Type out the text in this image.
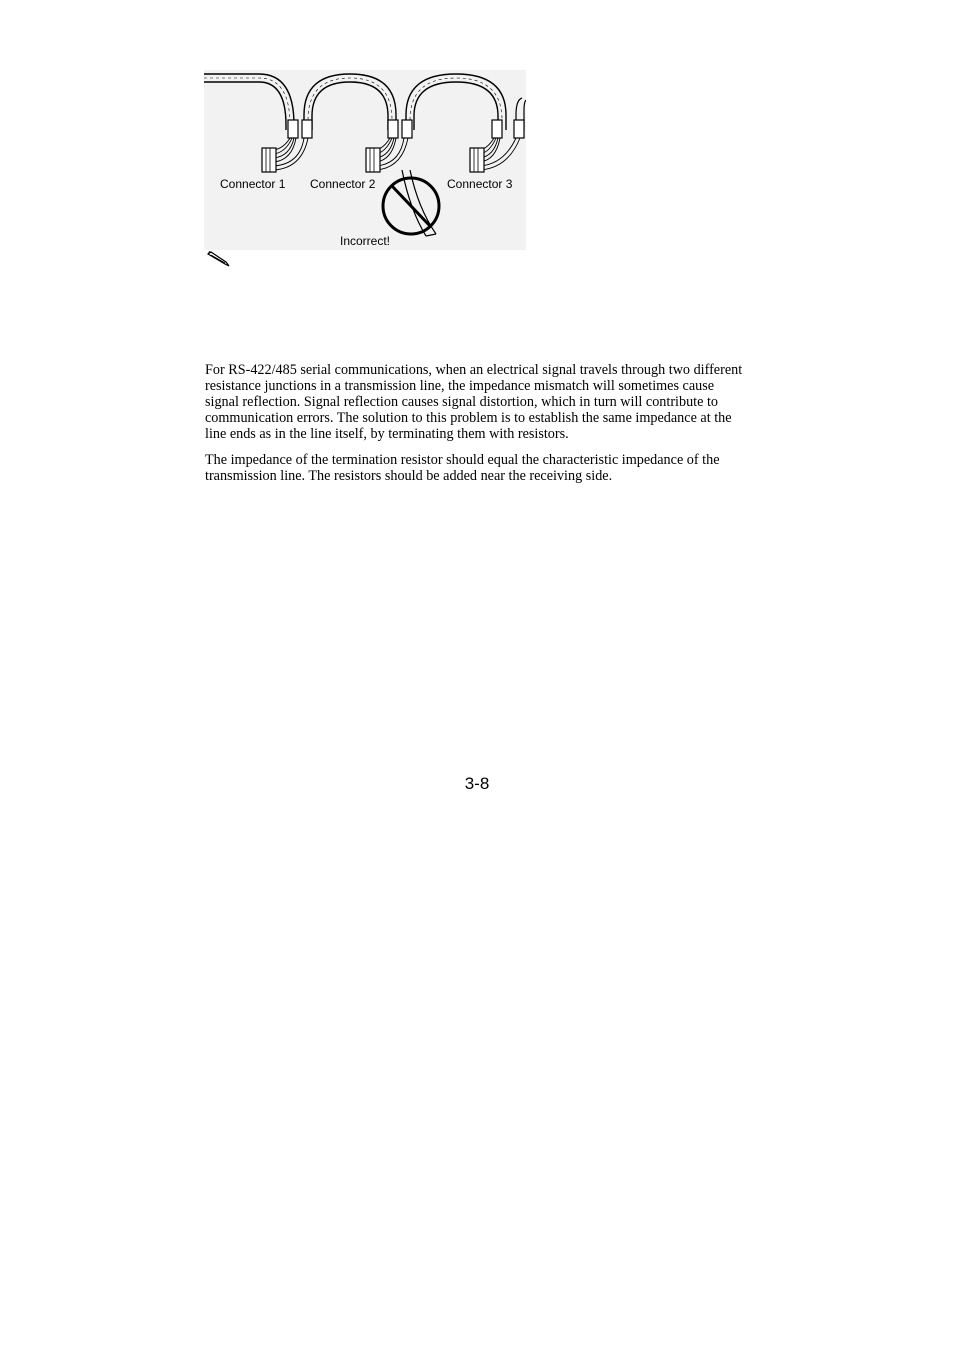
Connector 1 Connector 2	Connector 3
Incorrect!

For RS-422/485 serial communications, when an electrical signal travels through two different resistance junctions in a transmission line, the impedance mismatch will sometimes cause signal reflection. Signal reflection causes signal distortion, which in turn will contribute to communication errors. The solution to this problem is to establish the same impedance at the line ends as in the line itself, by terminating them with resistors.

The impedance of the termination resistor should equal the characteristic impedance of the transmission line. The resistors should be added near the receiving side.

3-8
